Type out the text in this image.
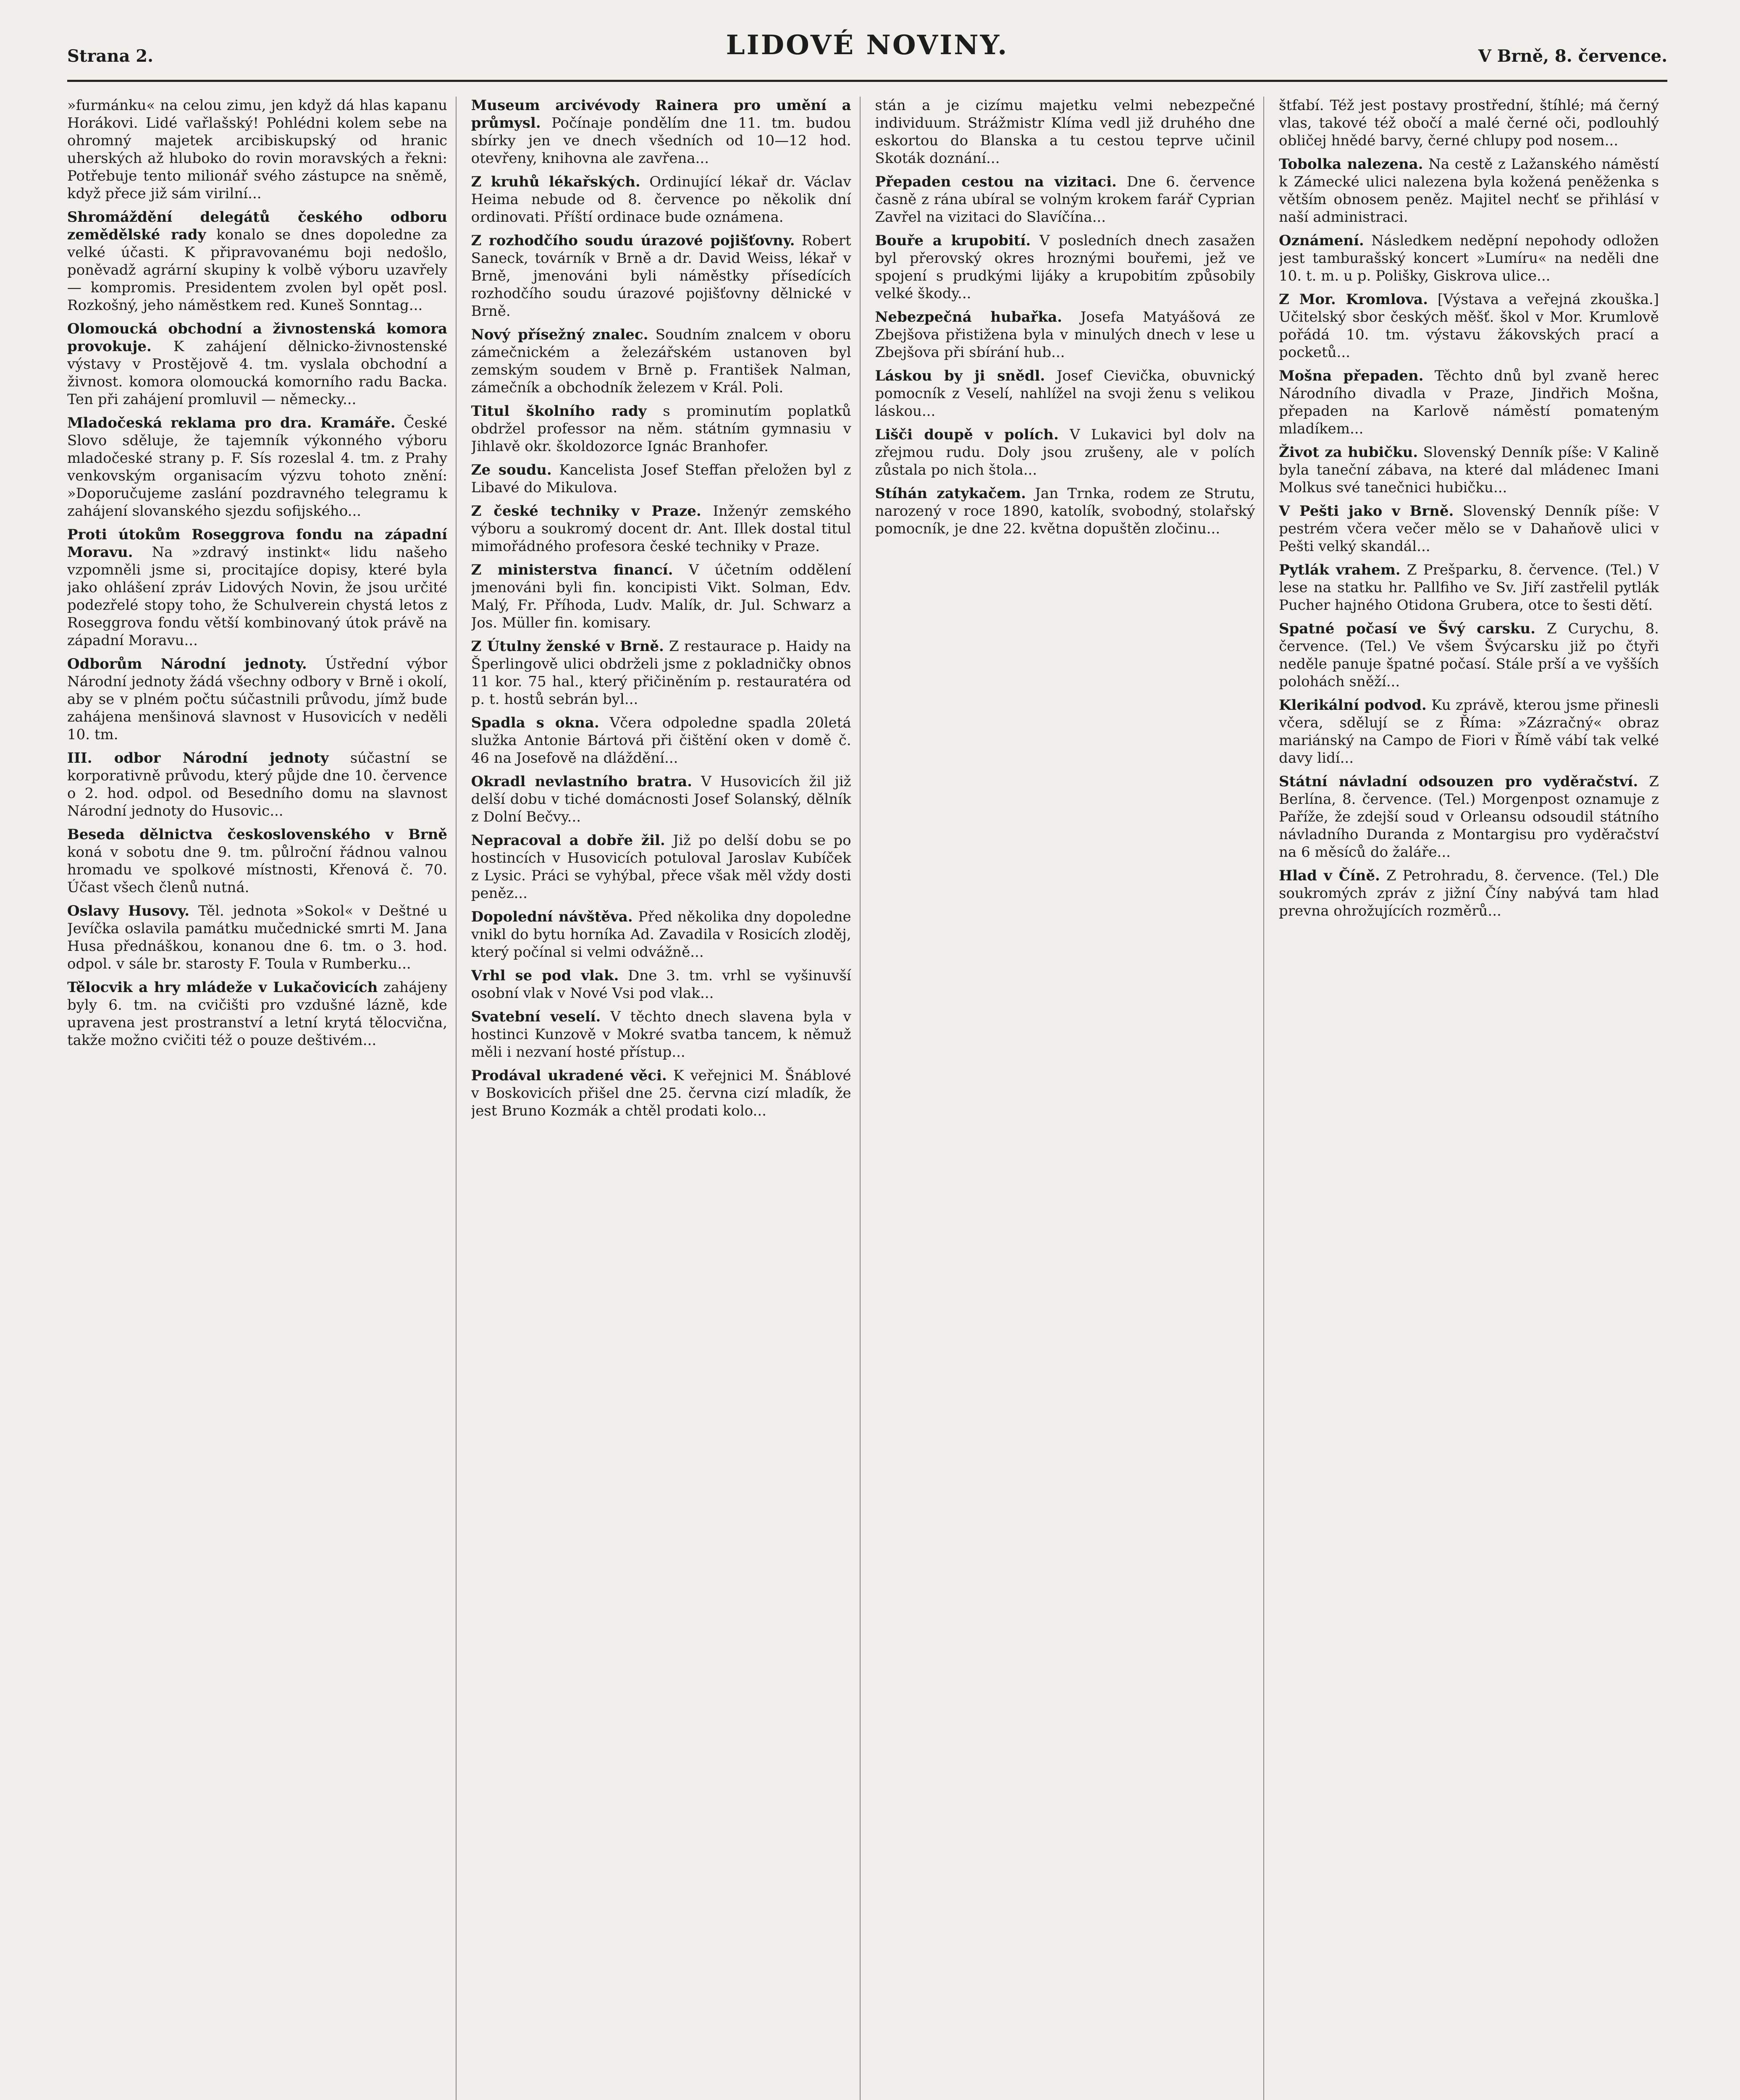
Strana 2.	LIDOVÉ NOVINY.	V Brně, 8. července.
»furmánku« na celou zimu, jen když dá hlas kapanu Horákovi. Lidé vařlašský! Pohlédni kolem sebe na ohromný majetek arcibiskupský od hranic uherských až hluboko do rovin moravských a řekni: Potřebuje tento milionář svého zástupce na sněmě, když přece již sám virilní...
Shromáždění delegátů českého odboru zemědělské rady konalo se dnes dopoledne za velké účasti. K připravovanému boji nedošlo, poněvadž agrární skupiny k volbě výboru uzavřely — kompromis. Presidentem zvolen byl opět posl. Rozkošný, jeho náměstkem red. Kuneš Sonntag...
Olomoucká obchodní a živnostenská komora provokuje. K zahájení dělnicko-živnostenské výstavy v Prostějově 4. tm. vyslala obchodní a živnost. komora olomoucká komorního radu Backa. Ten při zahájení promluvil — německy...
Mladočeská reklama pro dra. Kramáře. České Slovo sděluje, že tajemník výkonného výboru mladočeské strany p. F. Sís rozeslal 4. tm. z Prahy venkovským organisacím výzvu tohoto znění: »Doporučujeme zaslání pozdravného telegramu k zahájení slovanského sjezdu sofijského...
Proti útokům Roseggrova fondu na západní Moravu. Na »zdravý instinkt« lidu našeho vzpomněli jsme si, procitajíce dopisy, které byla jako ohlášení zpráv Lidových Novin, že jsou určité podezřelé stopy toho, že Schulverein chystá letos z Roseggrova fondu větší kombinovaný útok právě na západní Moravu...
Odborům Národní jednoty. Ústřední výbor Národní jednoty žádá všechny odbory v Brně i okolí, aby se v plném počtu súčastnili průvodu, jímž bude zahájena menšinová slavnost v Husovicích v neděli 10. tm.
III. odbor Národní jednoty súčastní se korporativně průvodu, který půjde dne 10. července o 2. hod. odpol. od Besedního domu na slavnost Národní jednoty do Husovic...
Beseda dělnictva československého v Brně koná v sobotu dne 9. tm. půlroční řádnou valnou hromadu ve spolkové místnosti, Křenová č. 70. Účast všech členů nutná.
Oslavy Husovy. Těl. jednota »Sokol« v Deštné u Jevíčka oslavila památku mučednické smrti M. Jana Husa přednáškou, konanou dne 6. tm. o 3. hod. odpol. v sále br. starosty F. Toula v Rumberku...
Tělocvik a hry mládeže v Lukačovicích zahájeny byly 6. tm. na cvičišti pro vzdušné lázně, kde upravena jest prostranství a letní krytá tělocvična, takže možno cvičiti též o pouze deštivém...
Museum arcivévody Rainera pro umění a průmysl. Počínaje pondělím dne 11. tm. budou sbírky jen ve dnech všedních od 10—12 hod. otevřeny, knihovna ale zavřena...
Z kruhů lékařských. Ordinující lékař dr. Václav Heima nebude od 8. července po několik dní ordinovati. Příští ordinace bude oznámena.
Z rozhodčího soudu úrazové pojišťovny. Robert Saneck, továrník v Brně a dr. David Weiss, lékař v Brně, jmenováni byli náměstky přísedících rozhodčího soudu úrazové pojišťovny dělnické v Brně.
Nový přísežný znalec. Soudním znalcem v oboru zámečnickém a železářském ustanoven byl zemským soudem v Brně p. František Nalman, zámečník a obchodník železem v Král. Poli.
Titul školního rady s prominutím poplatků obdržel professor na něm. státním gymnasiu v Jihlavě okr. školdozorce Ignác Branhofer.
Ze soudu. Kancelista Josef Steffan přeložen byl z Libavé do Mikulova.
Z české techniky v Praze. Inženýr zemského výboru a soukromý docent dr. Ant. Illek dostal titul mimořádného profesora české techniky v Praze.
Z ministerstva financí. V účetním oddělení jmenováni byli fin. koncipisti Vikt. Solman, Edv. Malý, Fr. Příhoda, Ludv. Malík, dr. Jul. Schwarz a Jos. Müller fin. komisary.
Z Útulny ženské v Brně. Z restaurace p. Haidy na Šperlingově ulici obdrželi jsme z pokladničky obnos 11 kor. 75 hal., který přičiněním p. restauratéra od p. t. hostů sebrán byl...
Spadla s okna. Včera odpoledne spadla 20letá služka Antonie Bártová při čištění oken v domě č. 46 na Josefově na dláždění...
Okradl nevlastního bratra. V Husovicích žil již delší dobu v tiché domácnosti Josef Solanský, dělník z Dolní Bečvy...
Nepracoval a dobře žil. Již po delší dobu se po hostincích v Husovicích potuloval Jaroslav Kubíček z Lysic. Práci se vyhýbal, přece však měl vždy dosti peněz...
Dopolední návštěva. Před několika dny dopoledne vnikl do bytu horníka Ad. Zavadila v Rosicích zloděj, který počínal si velmi odvážně...
Vrhl se pod vlak. Dne 3. tm. vrhl se vyšinuvší osobní vlak v Nové Vsi pod vlak...
Svatební veselí. V těchto dnech slavena byla v hostinci Kunzově v Mokré svatba tancem, k němuž měli i nezvaní hosté přístup...
Prodával ukradené věci. K veřejnici M. Šnáblové v Boskovicích přišel dne 25. června cizí mladík, že jest Bruno Kozmák a chtěl prodati kolo...
stán a je cizímu majetku velmi nebezpečné individuum. Strážmistr Klíma vedl již druhého dne eskortou do Blanska a tu cestou teprve učinil Skoták doznání...
Přepaden cestou na vizitaci. Dne 6. července časně z rána ubíral se volným krokem farář Cyprian Zavřel na vizitaci do Slavíčína...
Bouře a krupobití. V posledních dnech zasažen byl přerovský okres hroznými bouřemi, jež ve spojení s prudkými lijáky a krupobitím způsobily velké škody...
Nebezpečná hubařka. Josefa Matyášová ze Zbejšova přistižena byla v minulých dnech v lese u Zbejšova při sbírání hub...
Láskou by ji snědl. Josef Cievička, obuvnický pomocník z Veselí, nahlížel na svoji ženu s velikou láskou...
Lišči doupě v polích. V Lukavici byl dolv na zřejmou rudu. Doly jsou zrušeny, ale v polích zůstala po nich štola...
Stíhán zatykačem. Jan Trnka, rodem ze Strutu, narozený v roce 1890, katolík, svobodný, stolařský pomocník, je dne 22. května dopuštěn zločinu...
štfabí. Též jest postavy prostřední, štíhlé; má černý vlas, takové též obočí a malé černé oči, podlouhlý obličej hnědé barvy, černé chlupy pod nosem...
Tobolka nalezena. Na cestě z Lažanského náměstí k Zámecké ulici nalezena byla kožená peněženka s větším obnosem peněz. Majitel nechť se přihlásí v naší administraci.
Oznámení. Následkem neděpní nepohody odložen jest tamburašský koncert »Lumíru« na neděli dne 10. t. m. u p. Polišky, Giskrova ulice...
Z Mor. Kromlova. [Výstava a veřejná zkouška.] Učitelský sbor českých měšť. škol v Mor. Krumlově pořádá 10. tm. výstavu žákovských prací a pocketů...
Mošna přepaden. Těchto dnů byl zvaně herec Národního divadla v Praze, Jindřich Mošna, přepaden na Karlově náměstí pomateným mladíkem...
Život za hubičku. Slovenský Denník píše: V Kalině byla taneční zábava, na které dal mládenec Imani Molkus své tanečnici hubičku...
V Pešti jako v Brně. Slovenský Denník píše: V pestrém včera večer mělo se v Dahaňově ulici v Pešti velký skandál...
Pytlák vrahem. Z Prešparku, 8. července. (Tel.) V lese na statku hr. Pallfiho ve Sv. Jiří zastřelil pytlák Pucher hajného Otidona Grubera, otce to šesti dětí.
Spatné počasí ve Švý carsku. Z Curychu, 8. července. (Tel.) Ve všem Švýcarsku již po čtyři neděle panuje špatné počasí. Stále prší a ve vyšších polohách sněží...
Klerikální podvod. Ku zprávě, kterou jsme přinesli včera, sdělují se z Říma: »Zázračný« obraz mariánský na Campo de Fiori v Římě vábí tak velké davy lidí...
Státní návladní odsouzen pro vyděračství. Z Berlína, 8. července. (Tel.) Morgenpost oznamuje z Paříže, že zdejší soud v Orleansu odsoudil státního návladního Duranda z Montargisu pro vyděračství na 6 měsíců do žaláře...
Hlad v Číně. Z Petrohradu, 8. července. (Tel.) Dle soukromých zpráv z jižní Číny nabývá tam hlad prevna ohrožujících rozměrů...
